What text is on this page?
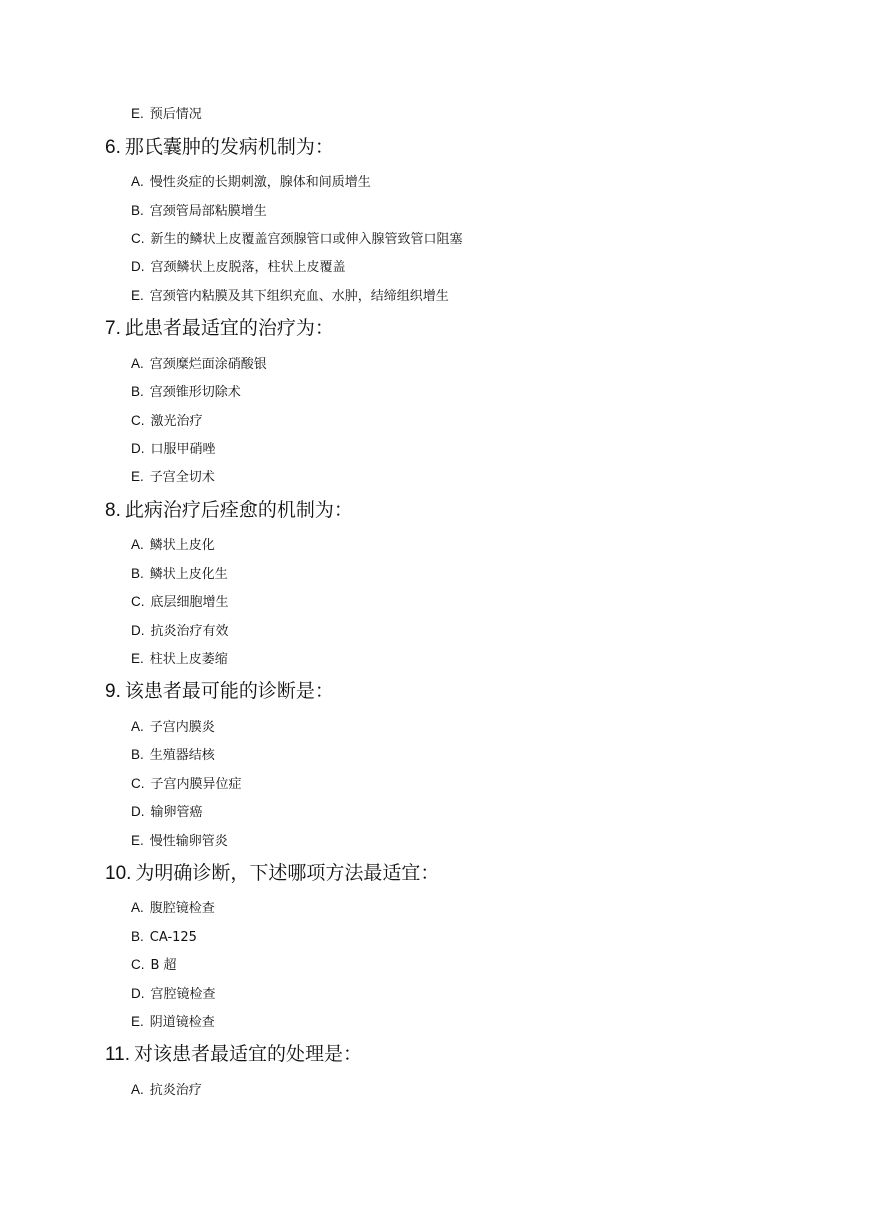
E. 预后情况
6. 那氏囊肿的发病机制为：
A. 慢性炎症的长期刺激，腺体和间质增生
B. 宫颈管局部粘膜增生
C. 新生的鳞状上皮覆盖宫颈腺管口或伸入腺管致管口阻塞
D. 宫颈鳞状上皮脱落，柱状上皮覆盖
E. 宫颈管内粘膜及其下组织充血、水肿，结缔组织增生
7. 此患者最适宜的治疗为：
A. 宫颈糜烂面涂硝酸银
B. 宫颈锥形切除术
C. 激光治疗
D. 口服甲硝唑
E. 子宫全切术
8. 此病治疗后痊愈的机制为：
A. 鳞状上皮化
B. 鳞状上皮化生
C. 底层细胞增生
D. 抗炎治疗有效
E. 柱状上皮萎缩
9. 该患者最可能的诊断是：
A. 子宫内膜炎
B. 生殖器结核
C. 子宫内膜异位症
D. 输卵管癌
E. 慢性输卵管炎
10. 为明确诊断，下述哪项方法最适宜：
A. 腹腔镜检查
B. CA-125
C. B 超
D. 宫腔镜检查
E. 阴道镜检查
11. 对该患者最适宜的处理是：
A. 抗炎治疗
